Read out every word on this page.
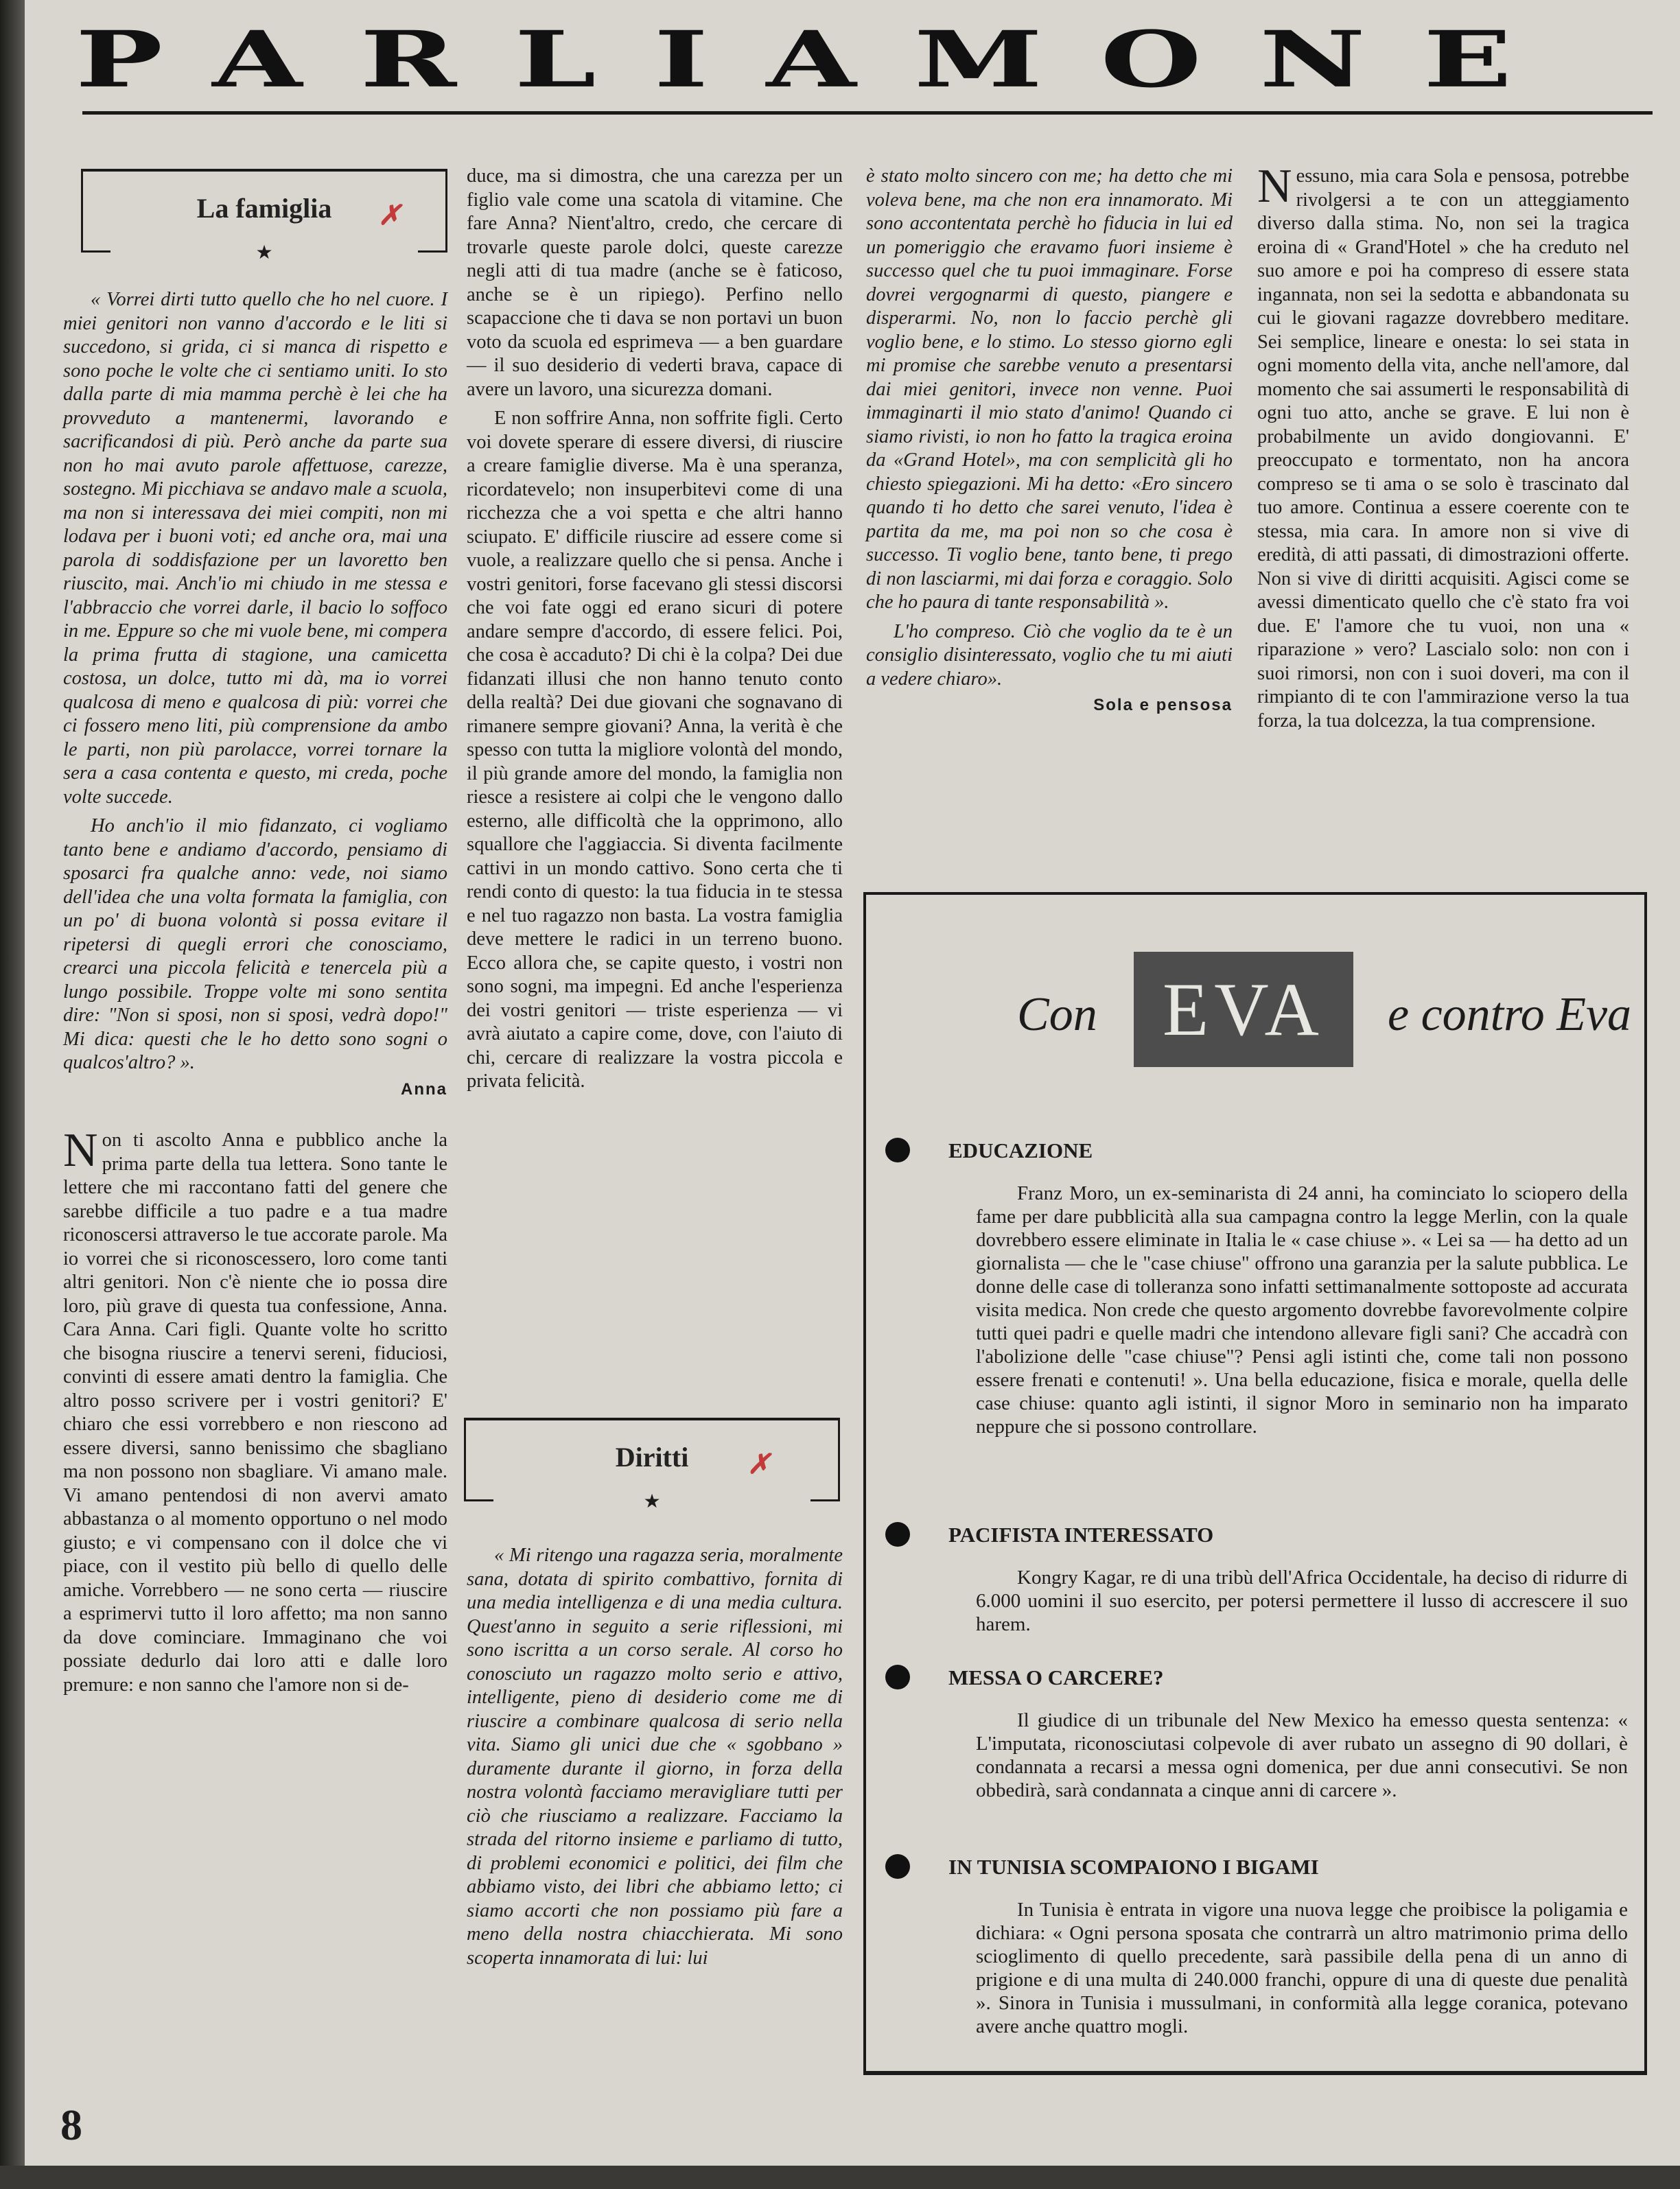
PARLIAMONE
La famiglia	✗
★

« Vorrei dirti tutto quello che ho nel cuore. I miei genitori non vanno d'accordo e le liti si succedono, si grida, ci si manca di rispetto e sono poche le volte che ci sentiamo uniti. Io sto dalla parte di mia mamma perchè è lei che ha provveduto a mantenermi, lavorando e sacrificandosi di più. Però anche da parte sua non ho mai avuto parole affettuose, carezze, sostegno. Mi picchiava se andavo male a scuola, ma non si interessava dei miei compiti, non mi lodava per i buoni voti; ed anche ora, mai una parola di soddisfazione per un lavoretto ben riuscito, mai. Anch'io mi chiudo in me stessa e l'abbraccio che vorrei darle, il bacio lo soffoco in me. Eppure so che mi vuole bene, mi compera la prima frutta di stagione, una camicetta costosa, un dolce, tutto mi dà, ma io vorrei qualcosa di meno e qualcosa di più: vorrei che ci fossero meno liti, più comprensione da ambo le parti, non più parolacce, vorrei tornare la sera a casa contenta e questo, mi creda, poche volte succede.

Ho anch'io il mio fidanzato, ci vogliamo tanto bene e andiamo d'accordo, pensiamo di sposarci fra qualche anno: vede, noi siamo dell'idea che una volta formata la famiglia, con un po' di buona volontà si possa evitare il ripetersi di quegli errori che conosciamo, crearci una piccola felicità e tenercela più a lungo possibile. Troppe volte mi sono sentita dire: "Non si sposi, non si sposi, vedrà dopo!" Mi dica: questi che le ho detto sono sogni o qualcos'altro? ».

Anna

Non ti ascolto Anna e pubblico anche la prima parte della tua lettera. Sono tante le lettere che mi raccontano fatti del genere che sarebbe difficile a tuo padre e a tua madre riconoscersi attraverso le tue accorate parole. Ma io vorrei che si riconoscessero, loro come tanti altri genitori. Non c'è niente che io possa dire loro, più grave di questa tua confessione, Anna. Cara Anna. Cari figli. Quante volte ho scritto che bisogna riuscire a tenervi sereni, fiduciosi, convinti di essere amati dentro la famiglia. Che altro posso scrivere per i vostri genitori? E' chiaro che essi vorrebbero e non riescono ad essere diversi, sanno benissimo che sbagliano ma non possono non sbagliare. Vi amano male. Vi amano pentendosi di non avervi amato abbastanza o al momento opportuno o nel modo giusto; e vi compensano con il dolce che vi piace, con il vestito più bello di quello delle amiche. Vorrebbero — ne sono certa — riuscire a esprimervi tutto il loro affetto; ma non sanno da dove cominciare. Immaginano che voi possiate dedurlo dai loro atti e dalle loro premure: e non sanno che l'amore non si de-

duce, ma si dimostra, che una carezza per un figlio vale come una scatola di vitamine. Che fare Anna? Nient'altro, credo, che cercare di trovarle queste parole dolci, queste carezze negli atti di tua madre (anche se è faticoso, anche se è un ripiego). Perfino nello scapaccione che ti dava se non portavi un buon voto da scuola ed esprimeva — a ben guardare — il suo desiderio di vederti brava, capace di avere un lavoro, una sicurezza domani.

E non soffrire Anna, non soffrite figli. Certo voi dovete sperare di essere diversi, di riuscire a creare famiglie diverse. Ma è una speranza, ricordatevelo; non insuperbitevi come di una ricchezza che a voi spetta e che altri hanno sciupato. E' difficile riuscire ad essere come si vuole, a realizzare quello che si pensa. Anche i vostri genitori, forse facevano gli stessi discorsi che voi fate oggi ed erano sicuri di potere andare sempre d'accordo, di essere felici. Poi, che cosa è accaduto? Di chi è la colpa? Dei due fidanzati illusi che non hanno tenuto conto della realtà? Dei due giovani che sognavano di rimanere sempre giovani? Anna, la verità è che spesso con tutta la migliore volontà del mondo, il più grande amore del mondo, la famiglia non riesce a resistere ai colpi che le vengono dallo esterno, alle difficoltà che la opprimono, allo squallore che l'aggiaccia. Si diventa facilmente cattivi in un mondo cattivo. Sono certa che ti rendi conto di questo: la tua fiducia in te stessa e nel tuo ragazzo non basta. La vostra famiglia deve mettere le radici in un terreno buono. Ecco allora che, se capite questo, i vostri non sono sogni, ma impegni. Ed anche l'esperienza dei vostri genitori — triste esperienza — vi avrà aiutato a capire come, dove, con l'aiuto di chi, cercare di realizzare la vostra piccola e privata felicità.

Diritti	✗
★

« Mi ritengo una ragazza seria, moralmente sana, dotata di spirito combattivo, fornita di una media intelligenza e di una media cultura. Quest'anno in seguito a serie riflessioni, mi sono iscritta a un corso serale. Al corso ho conosciuto un ragazzo molto serio e attivo, intelligente, pieno di desiderio come me di riuscire a combinare qualcosa di serio nella vita. Siamo gli unici due che « sgobbano » duramente durante il giorno, in forza della nostra volontà facciamo meravigliare tutti per ciò che riusciamo a realizzare. Facciamo la strada del ritorno insieme e parliamo di tutto, di problemi economici e politici, dei film che abbiamo visto, dei libri che abbiamo letto; ci siamo accorti che non possiamo più fare a meno della nostra chiacchierata. Mi sono scoperta innamorata di lui: lui

è stato molto sincero con me; ha detto che mi voleva bene, ma che non era innamorato. Mi sono accontentata perchè ho fiducia in lui ed un pomeriggio che eravamo fuori insieme è successo quel che tu puoi immaginare. Forse dovrei vergognarmi di questo, piangere e disperarmi. No, non lo faccio perchè gli voglio bene, e lo stimo. Lo stesso giorno egli mi promise che sarebbe venuto a presentarsi dai miei genitori, invece non venne. Puoi immaginarti il mio stato d'animo! Quando ci siamo rivisti, io non ho fatto la tragica eroina da «Grand Hotel», ma con semplicità gli ho chiesto spiegazioni. Mi ha detto: «Ero sincero quando ti ho detto che sarei venuto, l'idea è partita da me, ma poi non so che cosa è successo. Ti voglio bene, tanto bene, ti prego di non lasciarmi, mi dai forza e coraggio. Solo che ho paura di tante responsabilità ».

L'ho compreso. Ciò che voglio da te è un consiglio disinteressato, voglio che tu mi aiuti a vedere chiaro».

Sola e pensosa

Nessuno, mia cara Sola e pensosa, potrebbe rivolgersi a te con un atteggiamento diverso dalla stima. No, non sei la tragica eroina di « Grand'Hotel » che ha creduto nel suo amore e poi ha compreso di essere stata ingannata, non sei la sedotta e abbandonata su cui le giovani ragazze dovrebbero meditare. Sei semplice, lineare e onesta: lo sei stata in ogni momento della vita, anche nell'amore, dal momento che sai assumerti le responsabilità di ogni tuo atto, anche se grave. E lui non è probabilmente un avido dongiovanni. E' preoccupato e tormentato, non ha ancora compreso se ti ama o se solo è trascinato dal tuo amore. Continua a essere coerente con te stessa, mia cara. In amore non si vive di eredità, di atti passati, di dimostrazioni offerte. Non si vive di diritti acquisiti. Agisci come se avessi dimenticato quello che c'è stato fra voi due. E' l'amore che tu vuoi, non una « riparazione » vero? Lascialo solo: non con i suoi rimorsi, non con i suoi doveri, ma con il rimpianto di te con l'ammirazione verso la tua forza, la tua dolcezza, la tua comprensione.

Con EVA	e contro Eva
EDUCAZIONE

Franz Moro, un ex-seminarista di 24 anni, ha cominciato lo sciopero della fame per dare pubblicità alla sua campagna contro la legge Merlin, con la quale dovrebbero essere eliminate in Italia le « case chiuse ». « Lei sa — ha detto ad un giornalista — che le "case chiuse" offrono una garanzia per la salute pubblica. Le donne delle case di tolleranza sono infatti settimanalmente sottoposte ad accurata visita medica. Non crede che questo argomento dovrebbe favorevolmente colpire tutti quei padri e quelle madri che intendono allevare figli sani? Che accadrà con l'abolizione delle "case chiuse"? Pensi agli istinti che, come tali non possono essere frenati e contenuti! ». Una bella educazione, fisica e morale, quella delle case chiuse: quanto agli istinti, il signor Moro in seminario non ha imparato neppure che si possono controllare.

PACIFISTA INTERESSATO

Kongry Kagar, re di una tribù dell'Africa Occidentale, ha deciso di ridurre di 6.000 uomini il suo esercito, per potersi permettere il lusso di accrescere il suo harem.

MESSA O CARCERE?

Il giudice di un tribunale del New Mexico ha emesso questa sentenza: « L'imputata, riconosciutasi colpevole di aver rubato un assegno di 90 dollari, è condannata a recarsi a messa ogni domenica, per due anni consecutivi. Se non obbedirà, sarà condannata a cinque anni di carcere ».

IN TUNISIA SCOMPAIONO I BIGAMI

In Tunisia è entrata in vigore una nuova legge che proibisce la poligamia e dichiara: « Ogni persona sposata che contrarrà un altro matrimonio prima dello scioglimento di quello precedente, sarà passibile della pena di un anno di prigione e di una multa di 240.000 franchi, oppure di una di queste due penalità ». Sinora in Tunisia i mussulmani, in conformità alla legge coranica, potevano avere anche quattro mogli.

8
